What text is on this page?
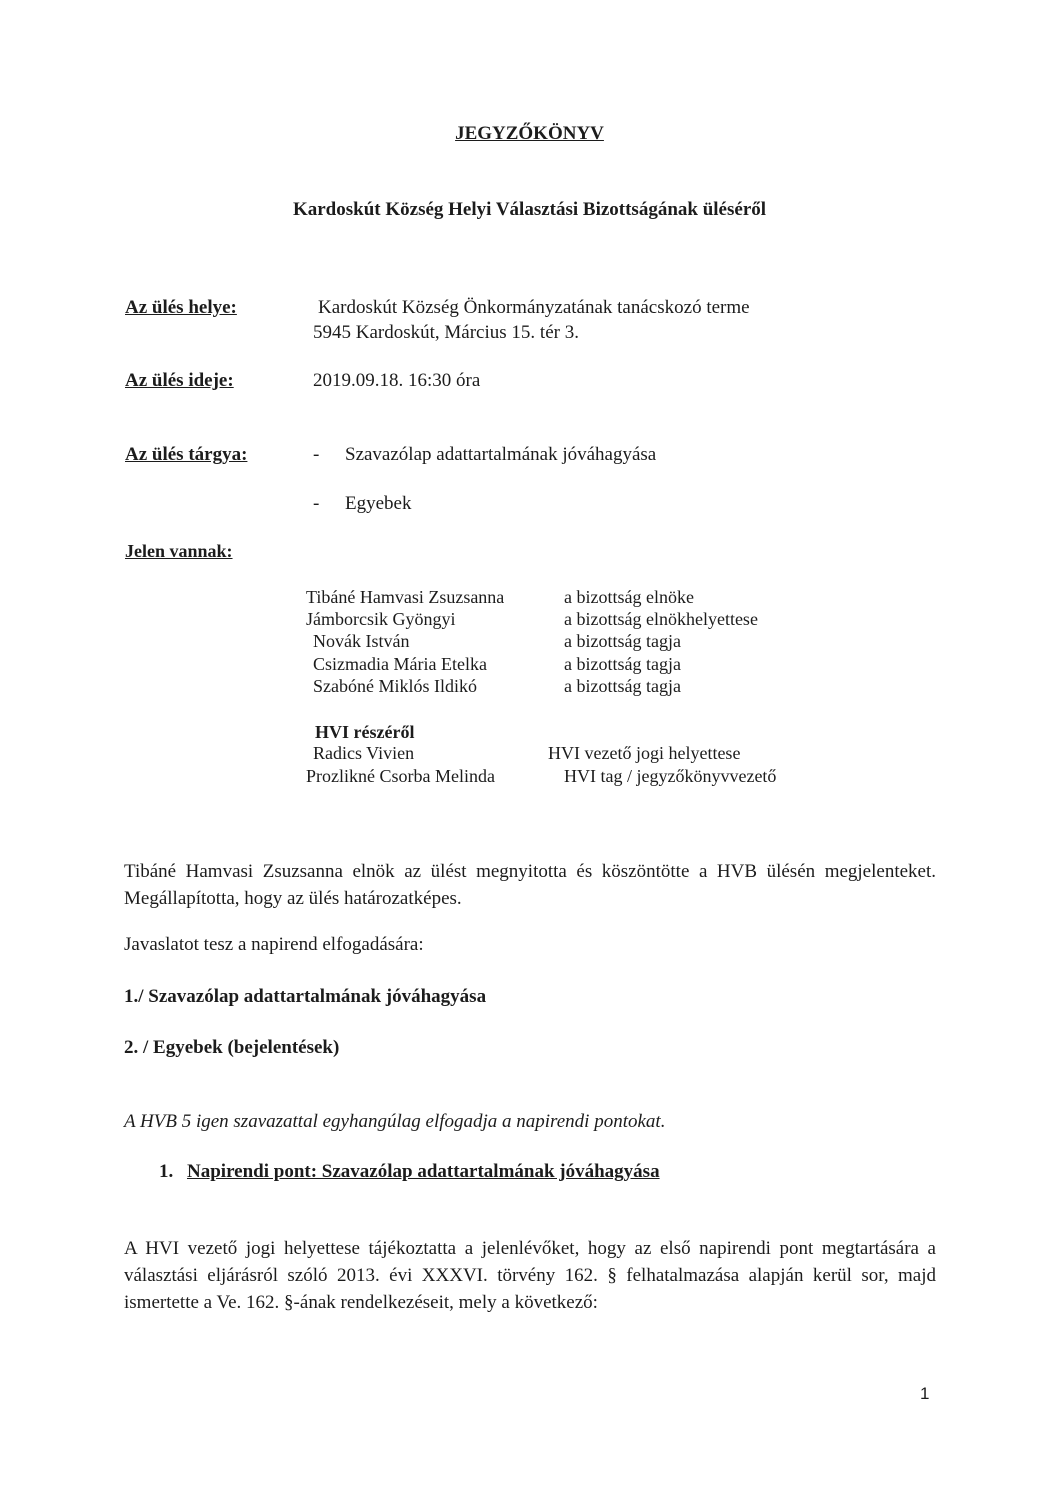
JEGYZŐKÖNYV
Kardoskút Község Helyi Választási Bizottságának üléséről
Az ülés helye:	Kardoskút Község Önkormányzatának tanácskozó terme
5945 Kardoskút, Március 15. tér 3.
Az ülés ideje:	2019.09.18. 16:30 óra
Az ülés tárgya:	- Szavazólap adattartalmának jóváhagyása
- Egyebek
Jelen vannak:
Tibáné Hamvasi Zsuzsanna	a bizottság elnöke
Jámborcsik Gyöngyi	a bizottság elnökhelyettese
Novák István	a bizottság tagja
Csizmadia Mária Etelka	a bizottság tagja
Szabóné Miklós Ildikó	a bizottság tagja
HVI részéről
Radics Vivien	HVI vezető jogi helyettese
Prozlikné Csorba Melinda	HVI tag / jegyzőkönyvvezető
Tibáné Hamvasi Zsuzsanna elnök az ülést megnyitotta és köszöntötte a HVB ülésén megjelenteket. Megállapította, hogy az ülés határozatképes.
Javaslatot tesz a napirend elfogadására:
1./ Szavazólap adattartalmának jóváhagyása
2. / Egyebek (bejelentések)
A HVB 5 igen szavazattal egyhangúlag elfogadja a napirendi pontokat.
1. Napirendi pont: Szavazólap adattartalmának jóváhagyása
A HVI vezető jogi helyettese tájékoztatta a jelenlévőket, hogy az első napirendi pont megtartására a választási eljárásról szóló 2013. évi XXXVI. törvény 162. § felhatalmazása alapján kerül sor, majd ismertette a Ve. 162. §-ának rendelkezéseit, mely a következő:
1
